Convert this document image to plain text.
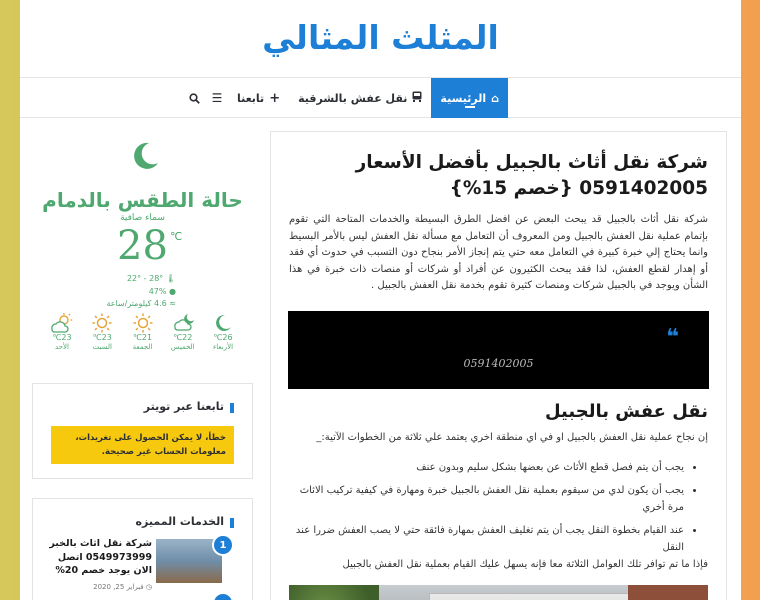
المثلث المثالي
⌂
الرئيسية
نقل عفش بالشرقية
+
تابعنا
☰
شركة نقل أثاث بالجبيل بأفضل الأسعار 0591402005 {خصم 15%}

شركة نقل أثاث بالجبيل قد يبحث البعض عن افضل الطرق البسيطة والخدمات المتاحة التي تقوم بإتمام عملية نقل العفش بالجبيل ومن المعروف أن التعامل مع مسألة نقل العفش ليس بالأمر البسيط وانما يحتاج إلي خبرة كبيرة في التعامل معه حتي يتم إنجاز الأمر بنجاح دون التسبب في حدوث أي فقد أو إهدار لقطع العفش، لذا فقد يبحث الكثيرون عن أفراد أو شركات أو منصات ذات خبرة في هذا الشأن ويوجد في بالجبيل شركات ومنصات كثيرة تقوم بخدمة نقل العفش بالجبيل .

❝
0591402005
نقل عفش بالجبيل

إن نجاح عملية نقل العفش بالجبيل او في اي منطقة اخري يعتمد علي ثلاثة من الخطوات الآتية:_

• يجب أن يتم فصل قطع الأثاث عن بعضها بشكل سليم وبدون عنف
• يجب أن يكون لدي من سيقوم بعملية نقل العفش بالجبيل خبرة ومهارة في كيفية تركيب الاثاث مرة أخري
• عند القيام بخطوة النقل يجب أن يتم تغليف العفش بمهارة فائقة حتي لا يصب العفش ضررا عند النقل
فإذا ما تم توافر تلك العوامل الثلاثة معا فإنه يسهل عليك القيام بعملية نقل العفش بالجبيل
حالة الطقس بالدمام
سماء صافية
28 ℃
🌡︎ 28° - 22°
● 47%
≈ 4.6 كيلومتر/ساعة
26℃
الأربعاء
22℃
الخميس
21℃
الجمعة
23℃
السبت
23℃
الأحد
تابعنا عبر تويتر
خطأ، لا يمكن الحصول على تغريدات، معلومات الحساب غير صحيحة.
الخدمات المميزه
1
شركة نقل اثاث بالخبر 0549973999 اتصل الان يوجد خصم 20%
◷ فبراير 25, 2020
